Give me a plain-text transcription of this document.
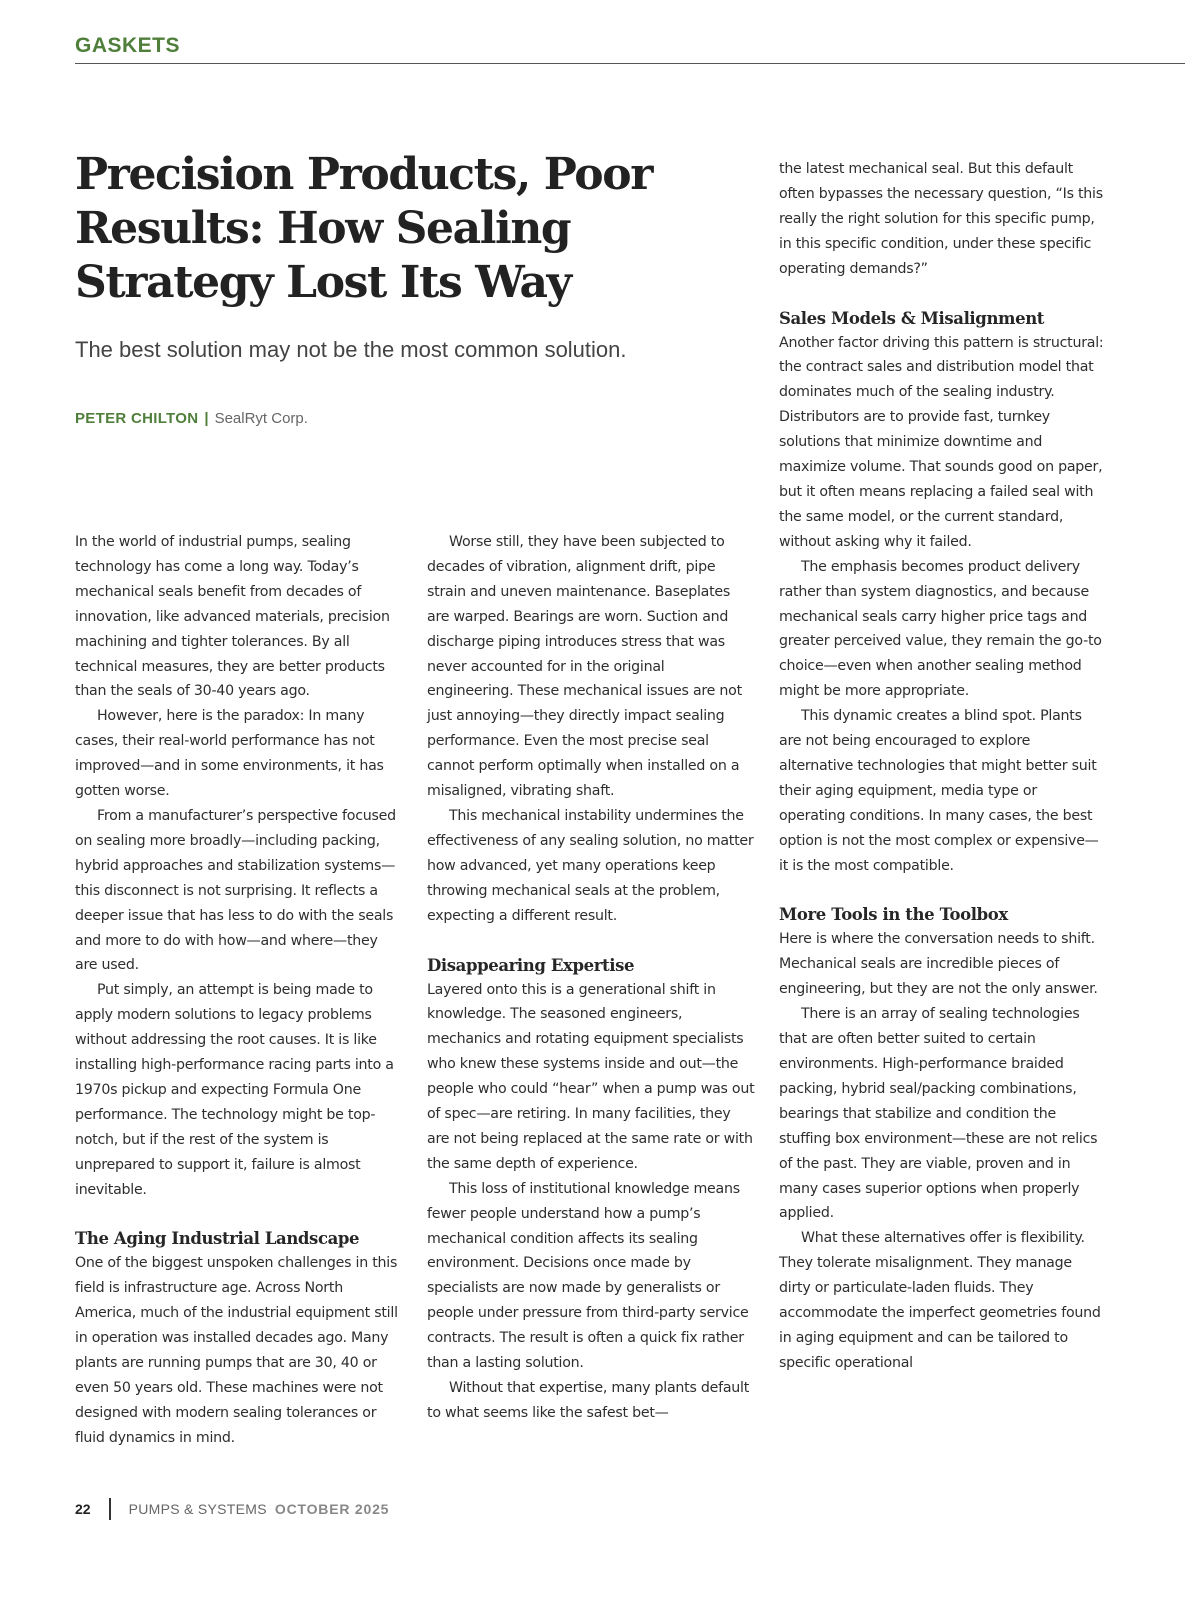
GASKETS
Precision Products, Poor Results: How Sealing Strategy Lost Its Way

The best solution may not be the most common solution.

PETER CHILTON | SealRyt Corp.

In the world of industrial pumps, sealing technology has come a long way. Today’s mechanical seals benefit from decades of innovation, like advanced materials, precision machining and tighter tolerances. By all technical measures, they are better products than the seals of 30-40 years ago.

However, here is the paradox: In many cases, their real-world performance has not improved—and in some environments, it has gotten worse.

From a manufacturer’s perspective focused on sealing more broadly—including packing, hybrid approaches and stabilization systems—this disconnect is not surprising. It reflects a deeper issue that has less to do with the seals and more to do with how—and where—they are used.

Put simply, an attempt is being made to apply modern solutions to legacy problems without addressing the root causes. It is like installing high-performance racing parts into a 1970s pickup and expecting Formula One performance. The technology might be top-notch, but if the rest of the system is unprepared to support it, failure is almost inevitable.

The Aging Industrial Landscape

One of the biggest unspoken challenges in this field is infrastructure age. Across North America, much of the industrial equipment still in operation was installed decades ago. Many plants are running pumps that are 30, 40 or even 50 years old. These machines were not designed with modern sealing tolerances or fluid dynamics in mind.

Worse still, they have been subjected to decades of vibration, alignment drift, pipe strain and uneven maintenance. Baseplates are warped. Bearings are worn. Suction and discharge piping introduces stress that was never accounted for in the original engineering. These mechanical issues are not just annoying—they directly impact sealing performance. Even the most precise seal cannot perform optimally when installed on a misaligned, vibrating shaft.

This mechanical instability undermines the effectiveness of any sealing solution, no matter how advanced, yet many operations keep throwing mechanical seals at the problem, expecting a different result.

Disappearing Expertise

Layered onto this is a generational shift in knowledge. The seasoned engineers, mechanics and rotating equipment specialists who knew these systems inside and out—the people who could “hear” when a pump was out of spec—are retiring. In many facilities, they are not being replaced at the same rate or with the same depth of experience.

This loss of institutional knowledge means fewer people understand how a pump’s mechanical condition affects its sealing environment. Decisions once made by specialists are now made by generalists or people under pressure from third-party service contracts. The result is often a quick fix rather than a lasting solution.

Without that expertise, many plants default to what seems like the safest bet—

the latest mechanical seal. But this default often bypasses the necessary question, “Is this really the right solution for this specific pump, in this specific condition, under these specific operating demands?”

Sales Models & Misalignment

Another factor driving this pattern is structural: the contract sales and distribution model that dominates much of the sealing industry. Distributors are to provide fast, turnkey solutions that minimize downtime and maximize volume. That sounds good on paper, but it often means replacing a failed seal with the same model, or the current standard, without asking why it failed.

The emphasis becomes product delivery rather than system diagnostics, and because mechanical seals carry higher price tags and greater perceived value, they remain the go-to choice—even when another sealing method might be more appropriate.

This dynamic creates a blind spot. Plants are not being encouraged to explore alternative technologies that might better suit their aging equipment, media type or operating conditions. In many cases, the best option is not the most complex or expensive—it is the most compatible.

More Tools in the Toolbox

Here is where the conversation needs to shift. Mechanical seals are incredible pieces of engineering, but they are not the only answer.

There is an array of sealing technologies that are often better suited to certain environments. High-performance braided packing, hybrid seal/packing combinations, bearings that stabilize and condition the stuffing box environment—these are not relics of the past. They are viable, proven and in many cases superior options when properly applied.

What these alternatives offer is flexibility. They tolerate misalignment. They manage dirty or particulate-laden fluids. They accommodate the imperfect geometries found in aging equipment and can be tailored to specific operational

22	PUMPS & SYSTEMS OCTOBER 2025
